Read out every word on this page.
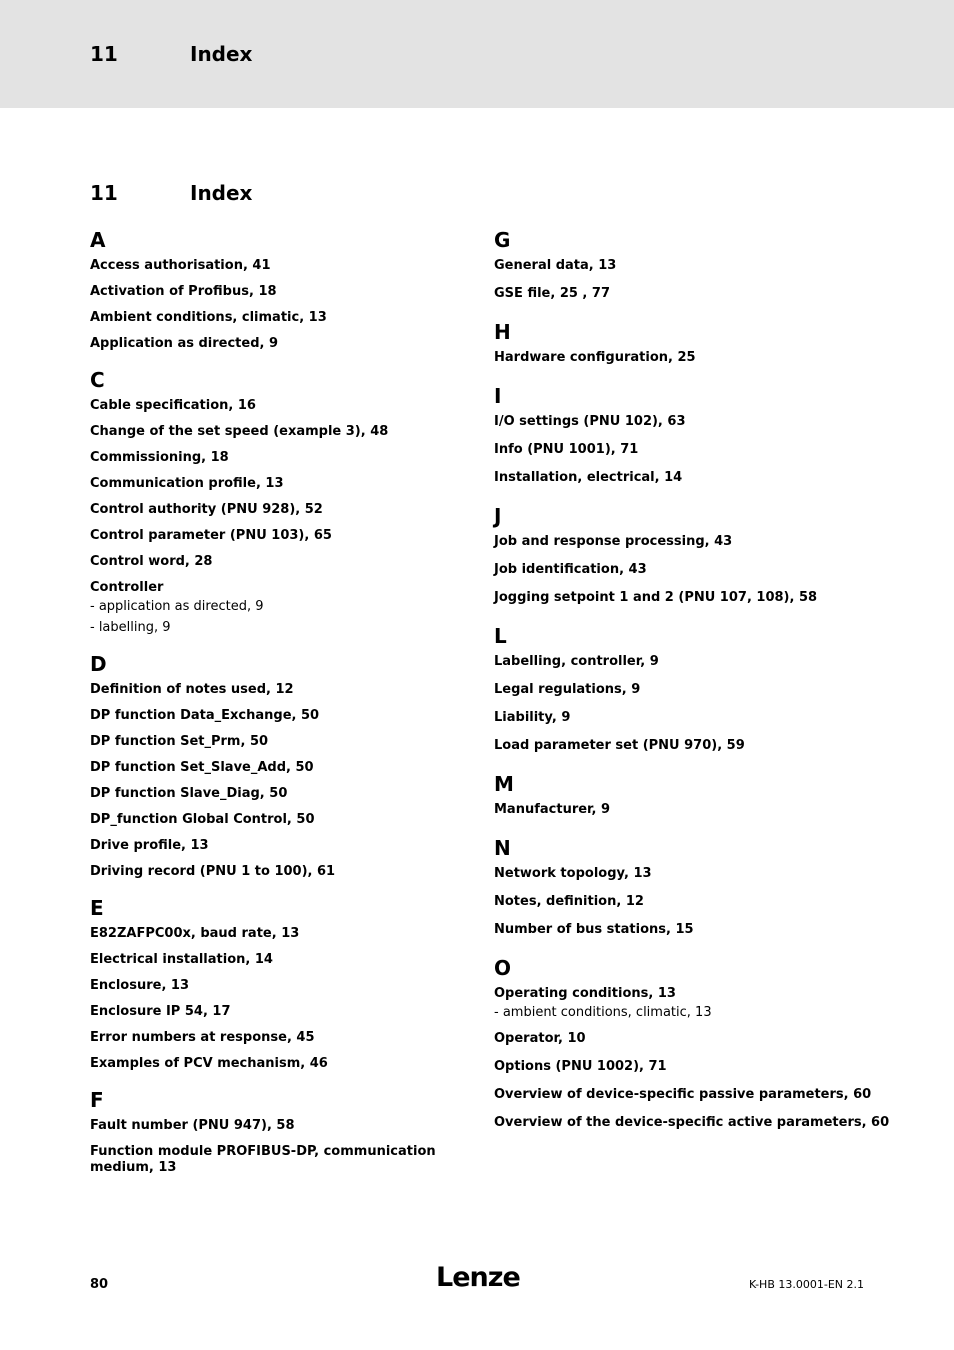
11	Index
11	Index
A
Access authorisation, 41
Activation of Profibus, 18
Ambient conditions, climatic, 13
Application as directed, 9
C
Cable specification, 16
Change of the set speed (example 3), 48
Commissioning, 18
Communication profile, 13
Control authority (PNU 928), 52
Control parameter (PNU 103), 65
Control word, 28
Controller
- application as directed, 9
- labelling, 9
D
Definition of notes used, 12
DP function Data_Exchange, 50
DP function Set_Prm, 50
DP function Set_Slave_Add, 50
DP function Slave_Diag, 50
DP_function Global Control, 50
Drive profile, 13
Driving record (PNU 1 to 100), 61
E
E82ZAFPC00x, baud rate, 13
Electrical installation, 14
Enclosure, 13
Enclosure IP 54, 17
Error numbers at response, 45
Examples of PCV mechanism, 46
F
Fault number (PNU 947), 58
Function module PROFIBUS-DP, communication medium, 13
G
General data, 13
GSE file, 25 , 77
H
Hardware configuration, 25
I
I/O settings (PNU 102), 63
Info (PNU 1001), 71
Installation, electrical, 14
J
Job and response processing, 43
Job identification, 43
Jogging setpoint 1 and 2 (PNU 107, 108), 58
L
Labelling, controller, 9
Legal regulations, 9
Liability, 9
Load parameter set (PNU 970), 59
M
Manufacturer, 9
N
Network topology, 13
Notes, definition, 12
Number of bus stations, 15
O
Operating conditions, 13
- ambient conditions, climatic, 13
Operator, 10
Options (PNU 1002), 71
Overview of device-specific passive parameters, 60
Overview of the device-specific active parameters, 60
80	Lenze	K-HB 13.0001-EN 2.1
